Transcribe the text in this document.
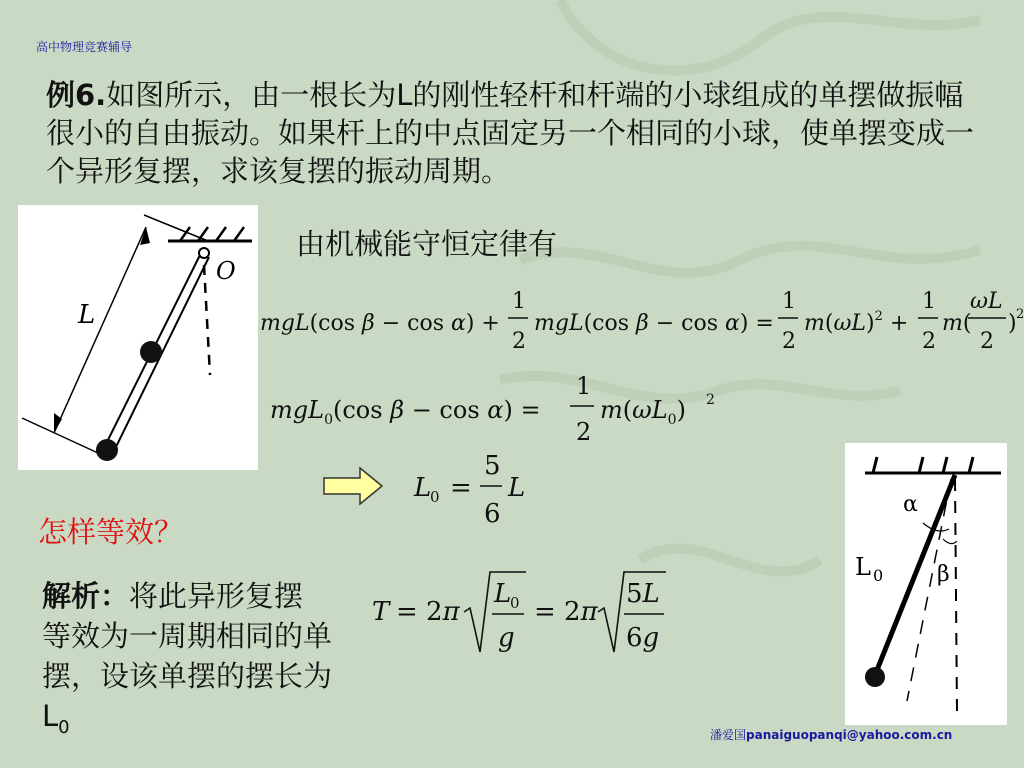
高中物理竞赛辅导
例6.如图所示，由一根长为L的刚性轻杆和杆端的小球组成的单摆做振幅很小的自由振动。如果杆上的中点固定另一个相同的小球，使单摆变成一个异形复摆，求该复摆的振动周期。
O
L
由机械能守恒定律有
mgL(cos β − cos α) +
1
2
mgL(cos β − cos α) =
1
2
$m(\omega L)^2$ +
1
2
m(
ωL
2
) 2
mgL$_0$(cos β − cos α) =
1
2
$m(\omega L_0)$ 2
L
0 =
5
6
L
怎样等效？
解析：将此异形复摆等效为一周期相同的单摆，设该单摆的摆长为$L_0$
T = 2π
L
0
g
= 2π
5L
6g
α
β
L 0
潘爱国panaiguopanqi@yahoo.com.cn
